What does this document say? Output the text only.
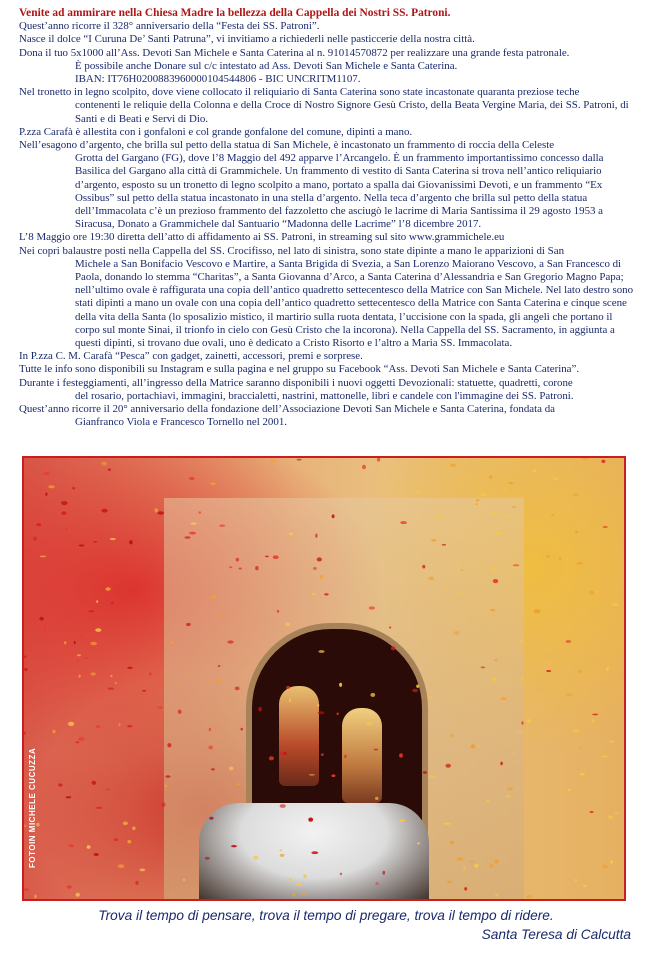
Venite ad ammirare nella Chiesa Madre la bellezza della Cappella dei Nostri SS. Patroni.

Quest’anno ricorre il 328° anniversario della “Festa dei SS. Patroni”.

Nasce il dolce “I Curuna De’ Santi Patruna”, vi invitiamo a richiederli nelle pasticcerie della nostra città.

Dona il tuo 5x1000 all’Ass. Devoti San Michele e Santa Caterina al n. 91014570872 per realizzare una grande festa patronale.

È possibile anche Donare sul c/c intestato ad Ass. Devoti San Michele e Santa Caterina.

IBAN: IT76H0200883960000104544806 - BIC UNCRITM1107.

Nel tronetto in legno scolpito, dove viene collocato il reliquiario di Santa Caterina sono state incastonate quaranta preziose teche

contenenti le reliquie della Colonna e della Croce di Nostro Signore Gesù Cristo, della Beata Vergine Maria, dei SS. Patroni, di Santi e di Beati e Servi di Dio.

P.zza Carafà è allestita con i gonfaloni e col grande gonfalone del comune, dipinti a mano.

Nell’esagono d’argento, che brilla sul petto della statua di San Michele, è incastonato un frammento di roccia della Celeste

Grotta del Gargano (FG), dove l’8 Maggio del 492 apparve l’Arcangelo. È un frammento importantissimo concesso dalla Basilica del Gargano alla città di Grammichele. Un frammento di vestito di Santa Caterina si trova nell’antico reliquiario d’argento, esposto su un tronetto di legno scolpito a mano, portato a spalla dai Giovanissimi Devoti, e un frammento “Ex Ossibus” sul petto della statua incastonato in una stella d’argento. Nella teca d’argento che brilla sul petto della statua dell’Immacolata c’è un prezioso frammento del fazzoletto che asciugò le lacrime di Maria Santissima il 29 agosto 1953 a Siracusa, Donato a Grammichele dal Santuario “Madonna delle Lacrime” l’8 dicembre 2017.

L’8 Maggio ore 19:30 diretta dell’atto di affidamento ai SS. Patroni, in streaming sul sito www.grammichele.eu

Nei copri balaustre posti nella Cappella del SS. Crocifisso, nel lato di sinistra, sono state dipinte a mano le apparizioni di San

Michele a San Bonifacio Vescovo e Martire, a Santa Brigida di Svezia, a San Lorenzo Maiorano Vescovo, a San Francesco di Paola, donando lo stemma “Charitas”, a Santa Giovanna d’Arco, a Santa Caterina d’Alessandria e San Gregorio Magno Papa; nell’ultimo ovale è raffigurata una copia dell’antico quadretto settecentesco della Matrice con San Michele. Nel lato destro sono stati dipinti a mano un ovale con una copia dell’antico quadretto settecentesco della Matrice con Santa Caterina e cinque scene della vita della Santa (lo sposalizio mistico, il martirio sulla ruota dentata, l’uccisione con la spada, gli angeli che portano il corpo sul monte Sinai, il trionfo in cielo con Gesù Cristo che la incorona). Nella Cappella del SS. Sacramento, in aggiunta a questi dipinti, si trovano due ovali, uno è dedicato a Cristo Risorto e l’altro a Maria SS. Immacolata.

In P.zza C. M. Carafà “Pesca” con gadget, zainetti, accessori, premi e sorprese.

Tutte le info sono disponibili su Instagram e sulla pagina e nel gruppo su Facebook “Ass. Devoti San Michele e Santa Caterina”.

Durante i festeggiamenti, all’ingresso della Matrice saranno disponibili i nuovi oggetti Devozionali: statuette, quadretti, corone

del rosario, portachiavi, immagini, braccialetti, nastrini, mattonelle, libri e candele con l'immagine dei SS. Patroni.

Quest’anno ricorre il 20° anniversario della fondazione dell’Associazione Devoti San Michele e Santa Caterina, fondata da

Gianfranco Viola e Francesco Tornello nel 2001.

FOTOIN MICHELE CUCUZZA
Trova il tempo di pensare, trova il tempo di pregare, trova il tempo di ridere.
Santa Teresa di Calcutta
